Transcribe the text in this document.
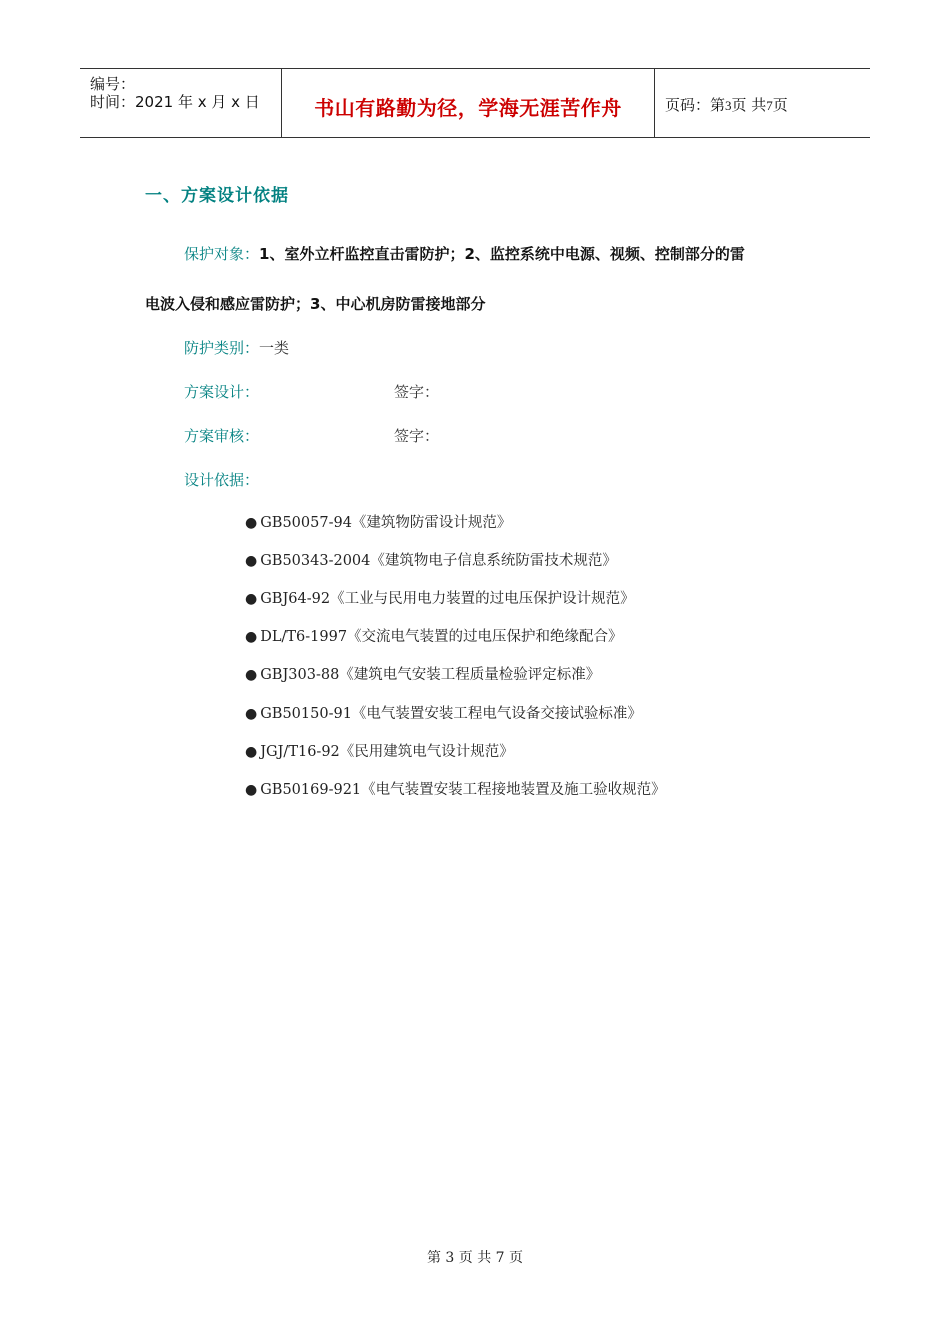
编号：
时间：2021 年 x 月 x 日	书山有路勤为径，学海无涯苦作舟	页码：第3页 共7页
一、方案设计依据
保护对象：1、室外立杆监控直击雷防护；2、监控系统中电源、视频、控制部分的雷
电波入侵和感应雷防护；3、中心机房防雷接地部分
防护类别：一类
方案设计：	签字：
方案审核：	签字：
设计依据：
● GB50057-94《建筑物防雷设计规范》
● GB50343-2004《建筑物电子信息系统防雷技术规范》
● GBJ64-92《工业与民用电力装置的过电压保护设计规范》
● DL/T6-1997《交流电气装置的过电压保护和绝缘配合》
● GBJ303-88《建筑电气安装工程质量检验评定标准》
● GB50150-91《电气装置安装工程电气设备交接试验标准》
● JGJ/T16-92《民用建筑电气设计规范》
● GB50169-921《电气装置安装工程接地装置及施工验收规范》
第 3 页 共 7 页
